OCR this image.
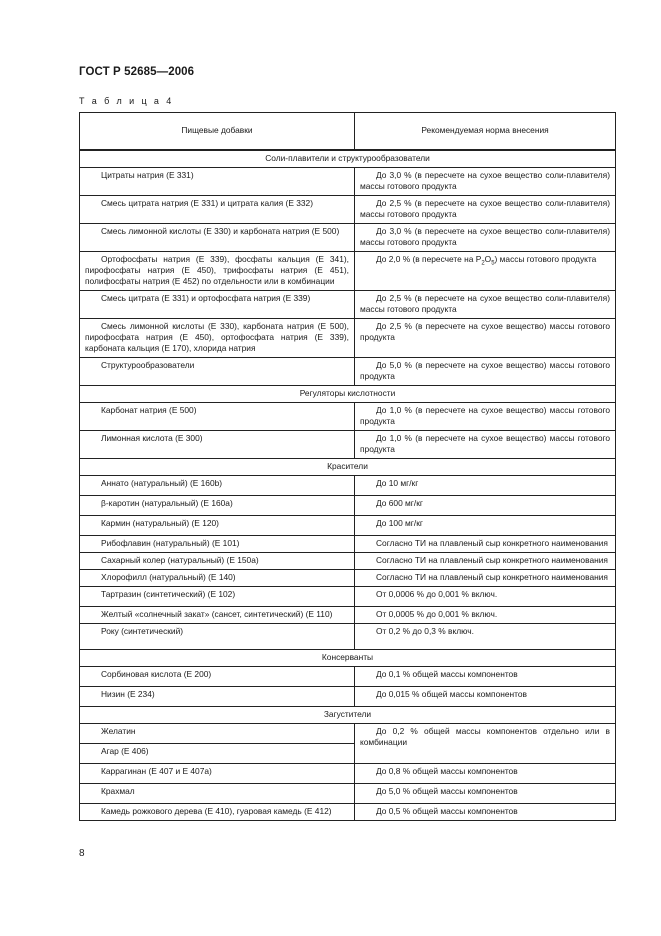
ГОСТ Р 52685—2006
Т а б л и ц а 4
Пищевые добавки	Рекомендуемая норма внесения
Соли-плавители и структурообразователи	
Цитраты натрия (Е 331)	До 3,0 % (в пересчете на сухое вещество соли-плавителя) массы готового продукта
Смесь цитрата натрия (Е 331) и цитрата калия (Е 332)	До 2,5 % (в пересчете на сухое вещество соли-плавителя) массы готового продукта
Смесь лимонной кислоты (Е 330) и карбоната натрия (Е 500)	До 3,0 % (в пересчете на сухое вещество соли-плавителя) массы готового продукта
Ортофосфаты натрия (Е 339), фосфаты кальция (Е 341), пирофосфаты натрия (Е 450), трифосфаты натрия (Е 451), полифосфаты натрия (Е 452) по отдельности или в комбинации	До 2,0 % (в пересчете на $P_2O_5$) массы готового продукта
Смесь цитрата (Е 331) и ортофосфата натрия (Е 339)	До 2,5 % (в пересчете на сухое вещество соли-плавителя) массы готового продукта
Смесь лимонной кислоты (Е 330), карбоната натрия (Е 500), пирофосфата натрия (Е 450), ортофосфата натрия (Е 339), карбоната кальция (Е 170), хлорида натрия	До 2,5 % (в пересчете на сухое вещество) массы готового продукта
Структурообразователи	До 5,0 % (в пересчете на сухое вещество) массы готового продукта
Регуляторы кислотности	
Карбонат натрия (Е 500)	До 1,0 % (в пересчете на сухое вещество) массы готового продукта
Лимонная кислота (Е 300)	До 1,0 % (в пересчете на сухое вещество) массы готового продукта
Красители	
Аннато (натуральный) (Е 160b)	До 10 мг/кг
β-каротин (натуральный) (Е 160а)	До 600 мг/кг
Кармин (натуральный) (Е 120)	До 100 мг/кг
Рибофлавин (натуральный) (Е 101)	Согласно ТИ на плавленый сыр конкретного наименования
Сахарный колер (натуральный) (Е 150а)	Согласно ТИ на плавленый сыр конкретного наименования
Хлорофилл (натуральный) (Е 140)	Согласно ТИ на плавленый сыр конкретного наименования
Тартразин (синтетический) (Е 102)	От 0,0006 % до 0,001 % включ.
Желтый «солнечный закат» (сансет, синтетический) (Е 110)	От 0,0005 % до 0,001 % включ.
Року (синтетический)	От 0,2 % до 0,3 % включ.
Консерванты	
Сорбиновая кислота (Е 200)	До 0,1 % общей массы компонентов
Низин (Е 234)	До 0,015 % общей массы компонентов
Загустители	
Желатин	До 0,2 % общей массы компонентов отдельно или в комбинации
Агар (Е 406)	
Каррагинан (Е 407 и Е 407а)	До 0,8 % общей массы компонентов
Крахмал	До 5,0 % общей массы компонентов
Камедь рожкового дерева (Е 410), гуаровая камедь (Е 412)	До 0,5 % общей массы компонентов
8
